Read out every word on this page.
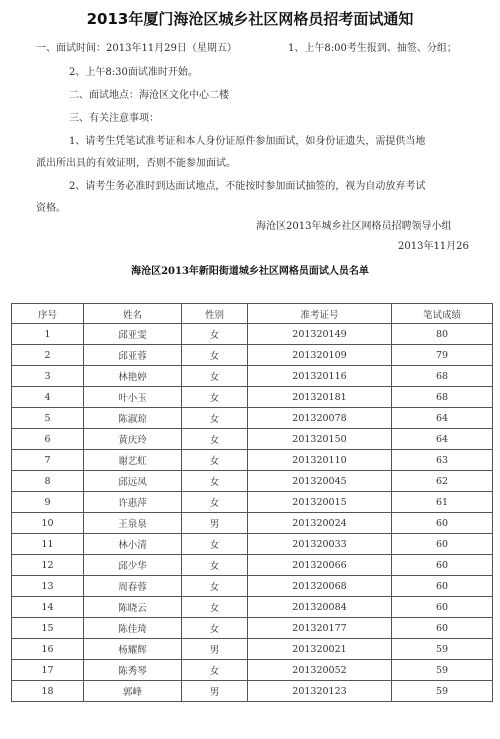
2013年厦门海沧区城乡社区网格员招考面试通知
一、面试时间：2013年11月29日（星期五）	1、上午8:00考生报到、抽签、分组；
2、上午8:30面试准时开始。
二、面试地点：海沧区文化中心二楼
三、有关注意事项：
1、请考生凭笔试准考证和本人身份证原件参加面试，如身份证遗失，需提供当地
派出所出具的有效证明，否则不能参加面试。
2、请考生务必准时到达面试地点，不能按时参加面试抽签的，视为自动放弃考试
资格。
海沧区2013年城乡社区网格员招聘领导小组
2013年11月26
海沧区2013年新阳街道城乡社区网格员面试人员名单
序号	姓名	性别	准考证号	笔试成绩
1	邱亚雯	女	201320149	80
2	邱亚蓉	女	201320109	79
3	林艳婷	女	201320116	68
4	叶小玉	女	201320181	68
5	陈淑琼	女	201320078	64
6	黄庆玲	女	201320150	64
7	谢艺虹	女	201320110	63
8	邱远凤	女	201320045	62
9	许惠萍	女	201320015	61
10	王泉泉	男	201320024	60
11	林小清	女	201320033	60
12	邱少华	女	201320066	60
13	周春蓉	女	201320068	60
14	陈晓云	女	201320084	60
15	陈佳琦	女	201320177	60
16	杨耀辉	男	201320021	59
17	陈秀琴	女	201320052	59
18	郭峰	男	201320123	59
